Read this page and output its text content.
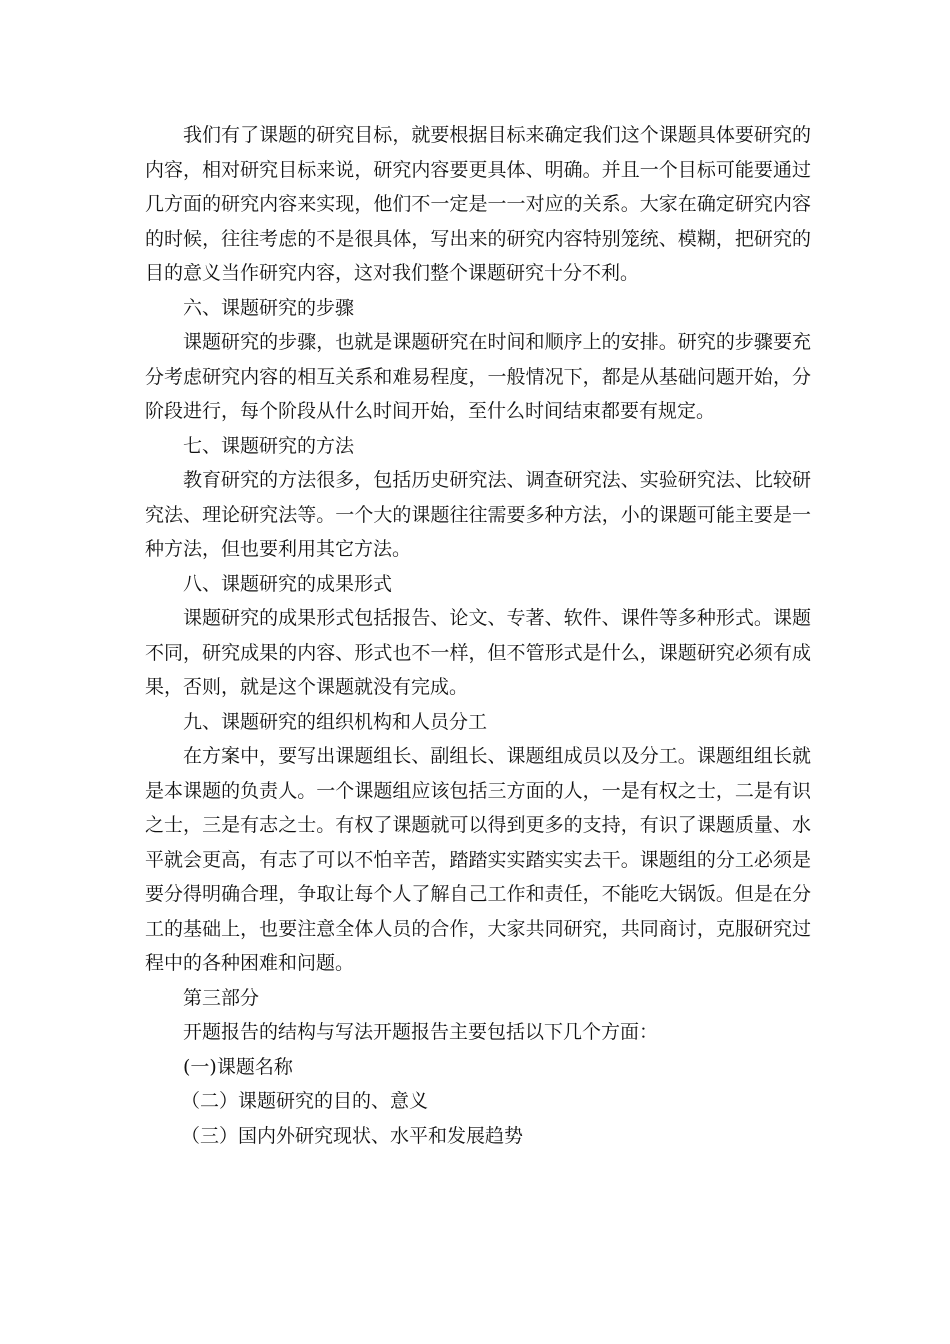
我们有了课题的研究目标，就要根据目标来确定我们这个课题具体要研究的内容，相对研究目标来说，研究内容要更具体、明确。并且一个目标可能要通过几方面的研究内容来实现，他们不一定是一一对应的关系。大家在确定研究内容的时候，往往考虑的不是很具体，写出来的研究内容特别笼统、模糊，把研究的目的意义当作研究内容，这对我们整个课题研究十分不利。

六、课题研究的步骤

课题研究的步骤，也就是课题研究在时间和顺序上的安排。研究的步骤要充分考虑研究内容的相互关系和难易程度，一般情况下，都是从基础问题开始，分阶段进行，每个阶段从什么时间开始，至什么时间结束都要有规定。

七、课题研究的方法

教育研究的方法很多，包括历史研究法、调查研究法、实验研究法、比较研究法、理论研究法等。一个大的课题往往需要多种方法，小的课题可能主要是一种方法，但也要利用其它方法。

八、课题研究的成果形式

课题研究的成果形式包括报告、论文、专著、软件、课件等多种形式。课题不同，研究成果的内容、形式也不一样，但不管形式是什么，课题研究必须有成果，否则，就是这个课题就没有完成。

九、课题研究的组织机构和人员分工

在方案中，要写出课题组长、副组长、课题组成员以及分工。课题组组长就是本课题的负责人。一个课题组应该包括三方面的人，一是有权之士，二是有识之士，三是有志之士。有权了课题就可以得到更多的支持，有识了课题质量、水平就会更高，有志了可以不怕辛苦，踏踏实实踏实实去干。课题组的分工必须是要分得明确合理，争取让每个人了解自己工作和责任，不能吃大锅饭。但是在分工的基础上，也要注意全体人员的合作，大家共同研究，共同商讨，克服研究过程中的各种困难和问题。

第三部分

开题报告的结构与写法开题报告主要包括以下几个方面：

(一)课题名称

（二）课题研究的目的、意义

（三）国内外研究现状、水平和发展趋势
